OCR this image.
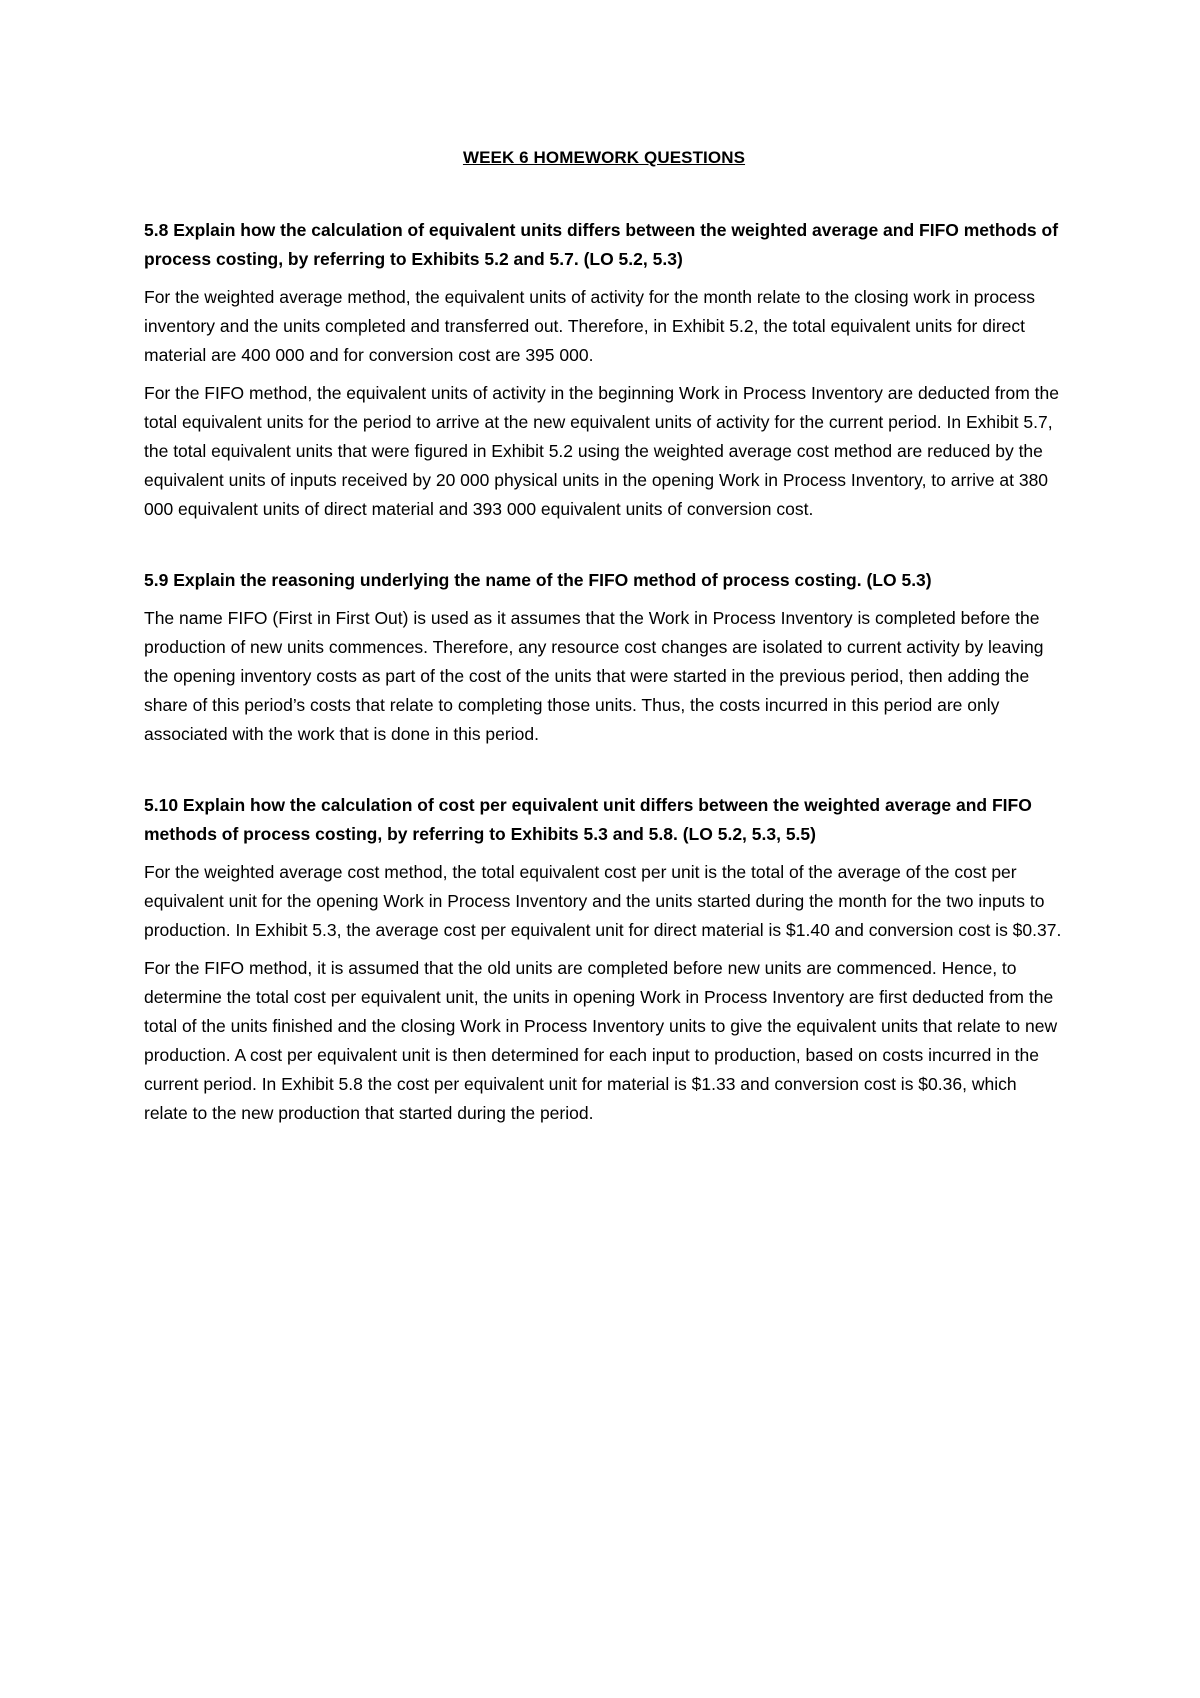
WEEK 6 HOMEWORK QUESTIONS

5.8 Explain how the calculation of equivalent units differs between the weighted average and FIFO methods of process costing, by referring to Exhibits 5.2 and 5.7. (LO 5.2, 5.3)

For the weighted average method, the equivalent units of activity for the month relate to the closing work in process inventory and the units completed and transferred out. Therefore, in Exhibit 5.2, the total equivalent units for direct material are 400 000 and for conversion cost are 395 000.

For the FIFO method, the equivalent units of activity in the beginning Work in Process Inventory are deducted from the total equivalent units for the period to arrive at the new equivalent units of activity for the current period. In Exhibit 5.7, the total equivalent units that were figured in Exhibit 5.2 using the weighted average cost method are reduced by the equivalent units of inputs received by 20 000 physical units in the opening Work in Process Inventory, to arrive at 380 000 equivalent units of direct material and 393 000 equivalent units of conversion cost.

5.9 Explain the reasoning underlying the name of the FIFO method of process costing. (LO 5.3)

The name FIFO (First in First Out) is used as it assumes that the Work in Process Inventory is completed before the production of new units commences. Therefore, any resource cost changes are isolated to current activity by leaving the opening inventory costs as part of the cost of the units that were started in the previous period, then adding the share of this period’s costs that relate to completing those units. Thus, the costs incurred in this period are only associated with the work that is done in this period.

5.10 Explain how the calculation of cost per equivalent unit differs between the weighted average and FIFO methods of process costing, by referring to Exhibits 5.3 and 5.8. (LO 5.2, 5.3, 5.5)

For the weighted average cost method, the total equivalent cost per unit is the total of the average of the cost per equivalent unit for the opening Work in Process Inventory and the units started during the month for the two inputs to production. In Exhibit 5.3, the average cost per equivalent unit for direct material is $1.40 and conversion cost is $0.37.

For the FIFO method, it is assumed that the old units are completed before new units are commenced. Hence, to determine the total cost per equivalent unit, the units in opening Work in Process Inventory are first deducted from the total of the units finished and the closing Work in Process Inventory units to give the equivalent units that relate to new production. A cost per equivalent unit is then determined for each input to production, based on costs incurred in the current period. In Exhibit 5.8 the cost per equivalent unit for material is $1.33 and conversion cost is $0.36, which relate to the new production that started during the period.
